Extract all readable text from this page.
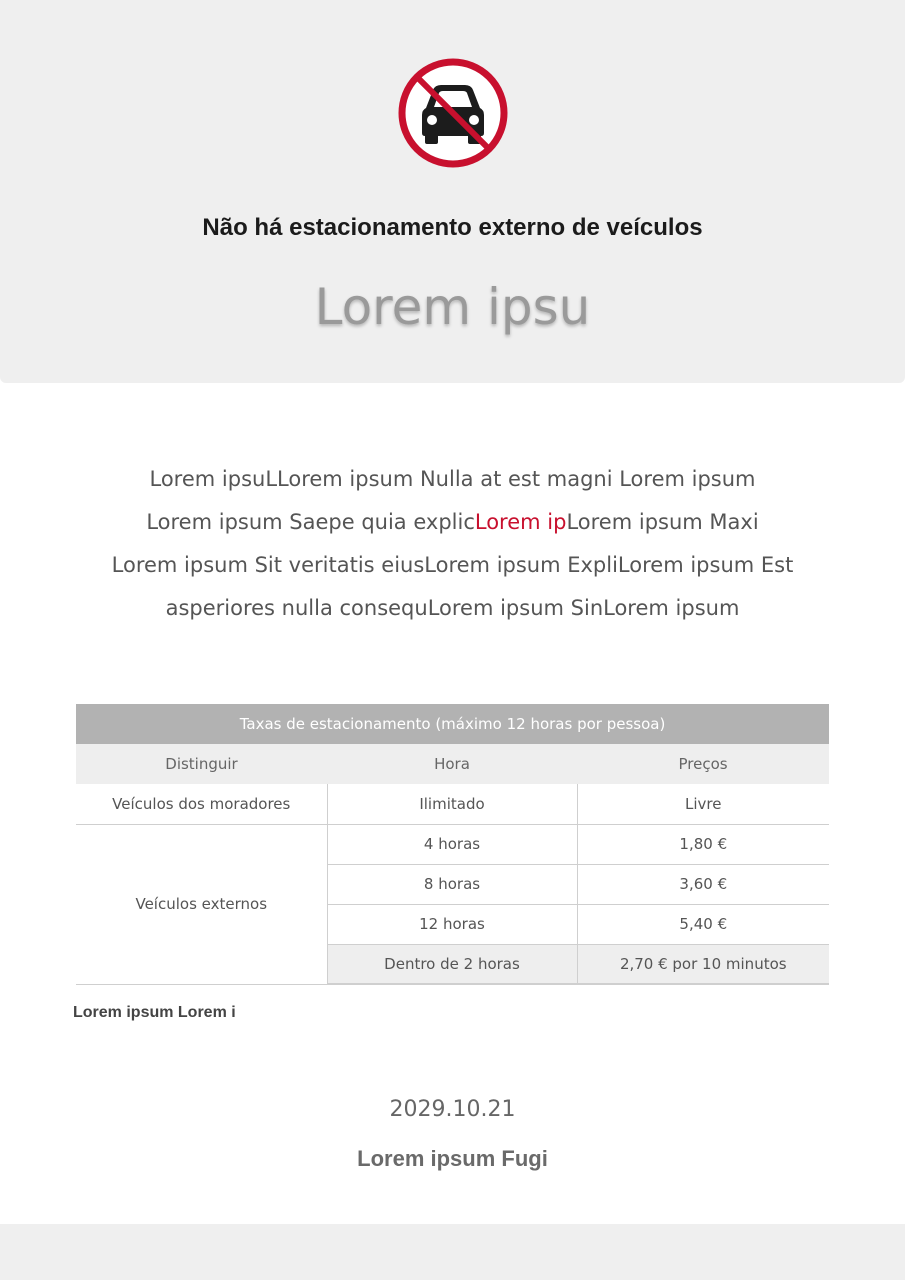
Não há estacionamento externo de veículos
Lorem ipsu
Lorem ipsuLLorem ipsum Nulla at est magni Lorem ipsum
Lorem ipsum Saepe quia explicLorem ipLorem ipsum Maxi
Lorem ipsum Sit veritatis eiusLorem ipsum ExpliLorem ipsum Est
asperiores nulla consequLorem ipsum SinLorem ipsum
Taxas de estacionamento (máximo 12 horas por pessoa)		
Distinguir	Hora	Preços
Veículos dos moradores	Ilimitado	Livre
Veículos externos	4 horas	1,80 €
	8 horas	3,60 €
	12 horas	5,40 €
	Dentro de 2 horas	2,70 € por 10 minutos
Lorem ipsum Lorem i
2029.10.21
Lorem ipsum Fugi
